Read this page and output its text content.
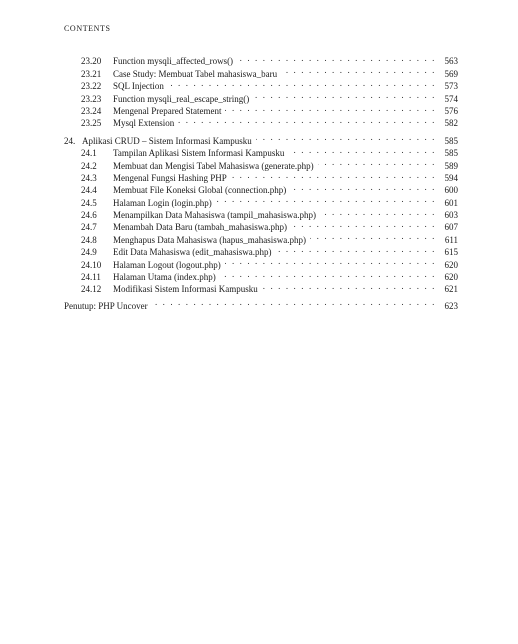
CONTENTS
23.20	Function mysqli_affected_rows() . . .	563
23.21	Case Study: Membuat Tabel mahasiswa_baru . . .	569
23.22	SQL Injection . . .	573
23.23	Function mysqli_real_escape_string() . . .	574
23.24	Mengenal Prepared Statement . . .	576
23.25	Mysql Extension . . .	582
24. Aplikasi CRUD – Sistem Informasi Kampusku . . .	585
24.1	Tampilan Aplikasi Sistem Informasi Kampusku . . .	585
24.2	Membuat dan Mengisi Tabel Mahasiswa (generate.php) . . .	589
24.3	Mengenal Fungsi Hashing PHP . . .	594
24.4	Membuat File Koneksi Global (connection.php) . . .	600
24.5	Halaman Login (login.php) . . .	601
24.6	Menampilkan Data Mahasiswa (tampil_mahasiswa.php) . . .	603
24.7	Menambah Data Baru (tambah_mahasiswa.php) . . .	607
24.8	Menghapus Data Mahasiswa (hapus_mahasiswa.php) . . .	611
24.9	Edit Data Mahasiswa (edit_mahasiswa.php) . . .	615
24.10	Halaman Logout (logout.php) . . .	620
24.11	Halaman Utama (index.php) . . .	620
24.12	Modifikasi Sistem Informasi Kampusku . . .	621
Penutup: PHP Uncover . . .	623
